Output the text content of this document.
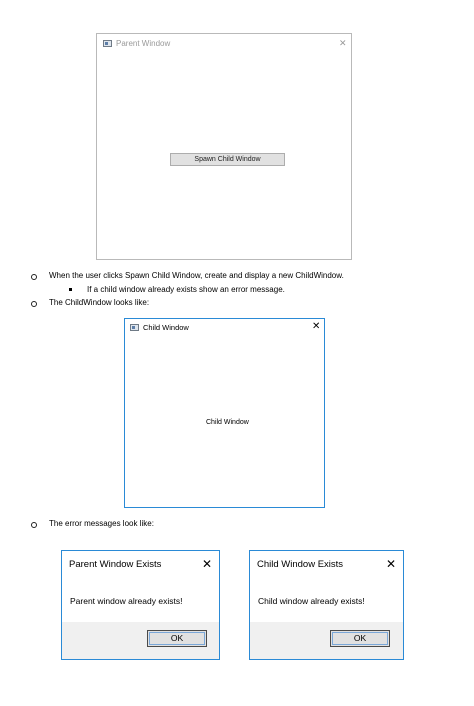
Parent Window	✕
Spawn Child Window
When the user clicks Spawn Child Window, create and display a new ChildWindow.
If a child window already exists show an error message.
The ChildWindow looks like:
Child Window	✕
Child Window
The error messages look like:
Parent Window Exists	✕
Parent window already exists!
OK
Child Window Exists	✕
Child window already exists!
OK
